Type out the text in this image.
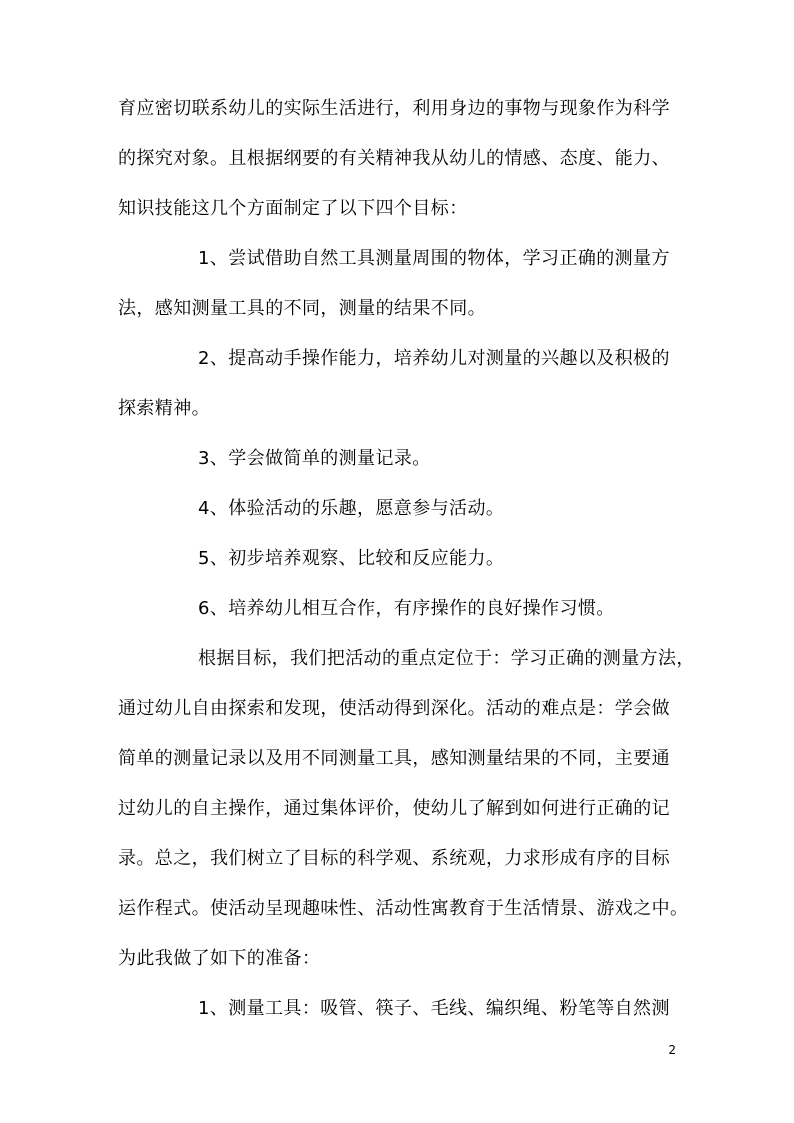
育应密切联系幼儿的实际生活进行，利用身边的事物与现象作为科学
的探究对象。且根据纲要的有关精神我从幼儿的情感、态度、能力、
知识技能这几个方面制定了以下四个目标：
1、尝试借助自然工具测量周围的物体，学习正确的测量方
法，感知测量工具的不同，测量的结果不同。
2、提高动手操作能力，培养幼儿对测量的兴趣以及积极的
探索精神。
3、学会做简单的测量记录。
4、体验活动的乐趣，愿意参与活动。
5、初步培养观察、比较和反应能力。
6、培养幼儿相互合作，有序操作的良好操作习惯。
根据目标，我们把活动的重点定位于：学习正确的测量方法，
通过幼儿自由探索和发现，使活动得到深化。活动的难点是：学会做
简单的测量记录以及用不同测量工具，感知测量结果的不同，主要通
过幼儿的自主操作，通过集体评价，使幼儿了解到如何进行正确的记
录。总之，我们树立了目标的科学观、系统观，力求形成有序的目标
运作程式。使活动呈现趣味性、活动性寓教育于生活情景、游戏之中。
为此我做了如下的准备：
1、测量工具：吸管、筷子、毛线、编织绳、粉笔等自然测
2
